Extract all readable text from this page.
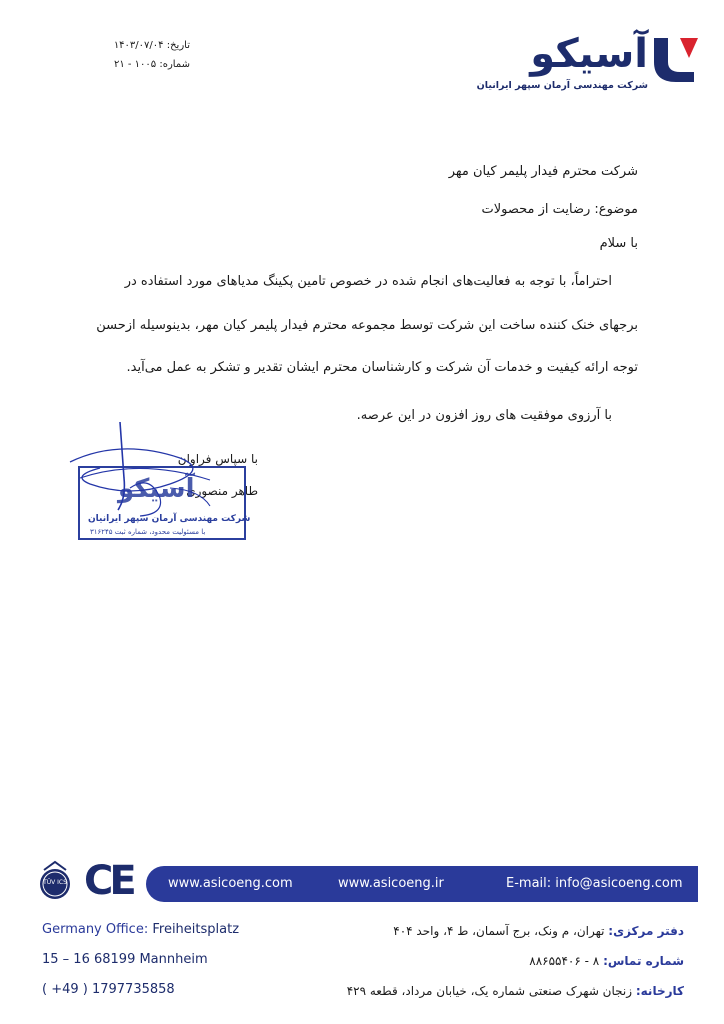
تاریخ: ۱۴۰۳/۰۷/۰۴
شماره: ۱۰۰۵ - ۲۱	آسیکو
شرکت مهندسی آرمان سپهر ایرانیان
شرکت محترم فیدار پلیمر کیان مهر
موضوع: رضایت از محصولات
با سلام
احتراماً، با توجه به فعالیت‌های انجام شده در خصوص تامین پکینگ مدیاهای مورد استفاده در
برجهای خنک کننده ساخت این شرکت توسط مجموعه محترم فیدار پلیمر کیان مهر، بدینوسیله ازحسن
توجه ارائه کیفیت و خدمات آن شرکت و کارشناسان محترم ایشان تقدیر و تشکر به عمل می‌آید.
با آرزوی موفقیت های روز افزون در این عرصه.
با سپاس فراوان
طاهر منصوری
آسیکو
شرکت مهندسی آرمان سپهر ایرانیان
با مسئولیت محدود، شماره ثبت ۳۱۶۲۴۵
TÜV ICS CE	www.asicoeng.com	www.asicoeng.ir	E-mail: info@asicoeng.com
Germany Office: Freiheitsplatz
15 – 16 68199 Mannheim
( +49 ) 1797735858
دفتر مرکزی: تهران، م ونک، برج آسمان، ط ۴، واحد ۴۰۴
شماره تماس: ۸ - ۸۸۶۵۵۴۰۶
کارخانه: زنجان شهرک صنعتی شماره یک، خیابان مرداد، قطعه ۴۲۹
